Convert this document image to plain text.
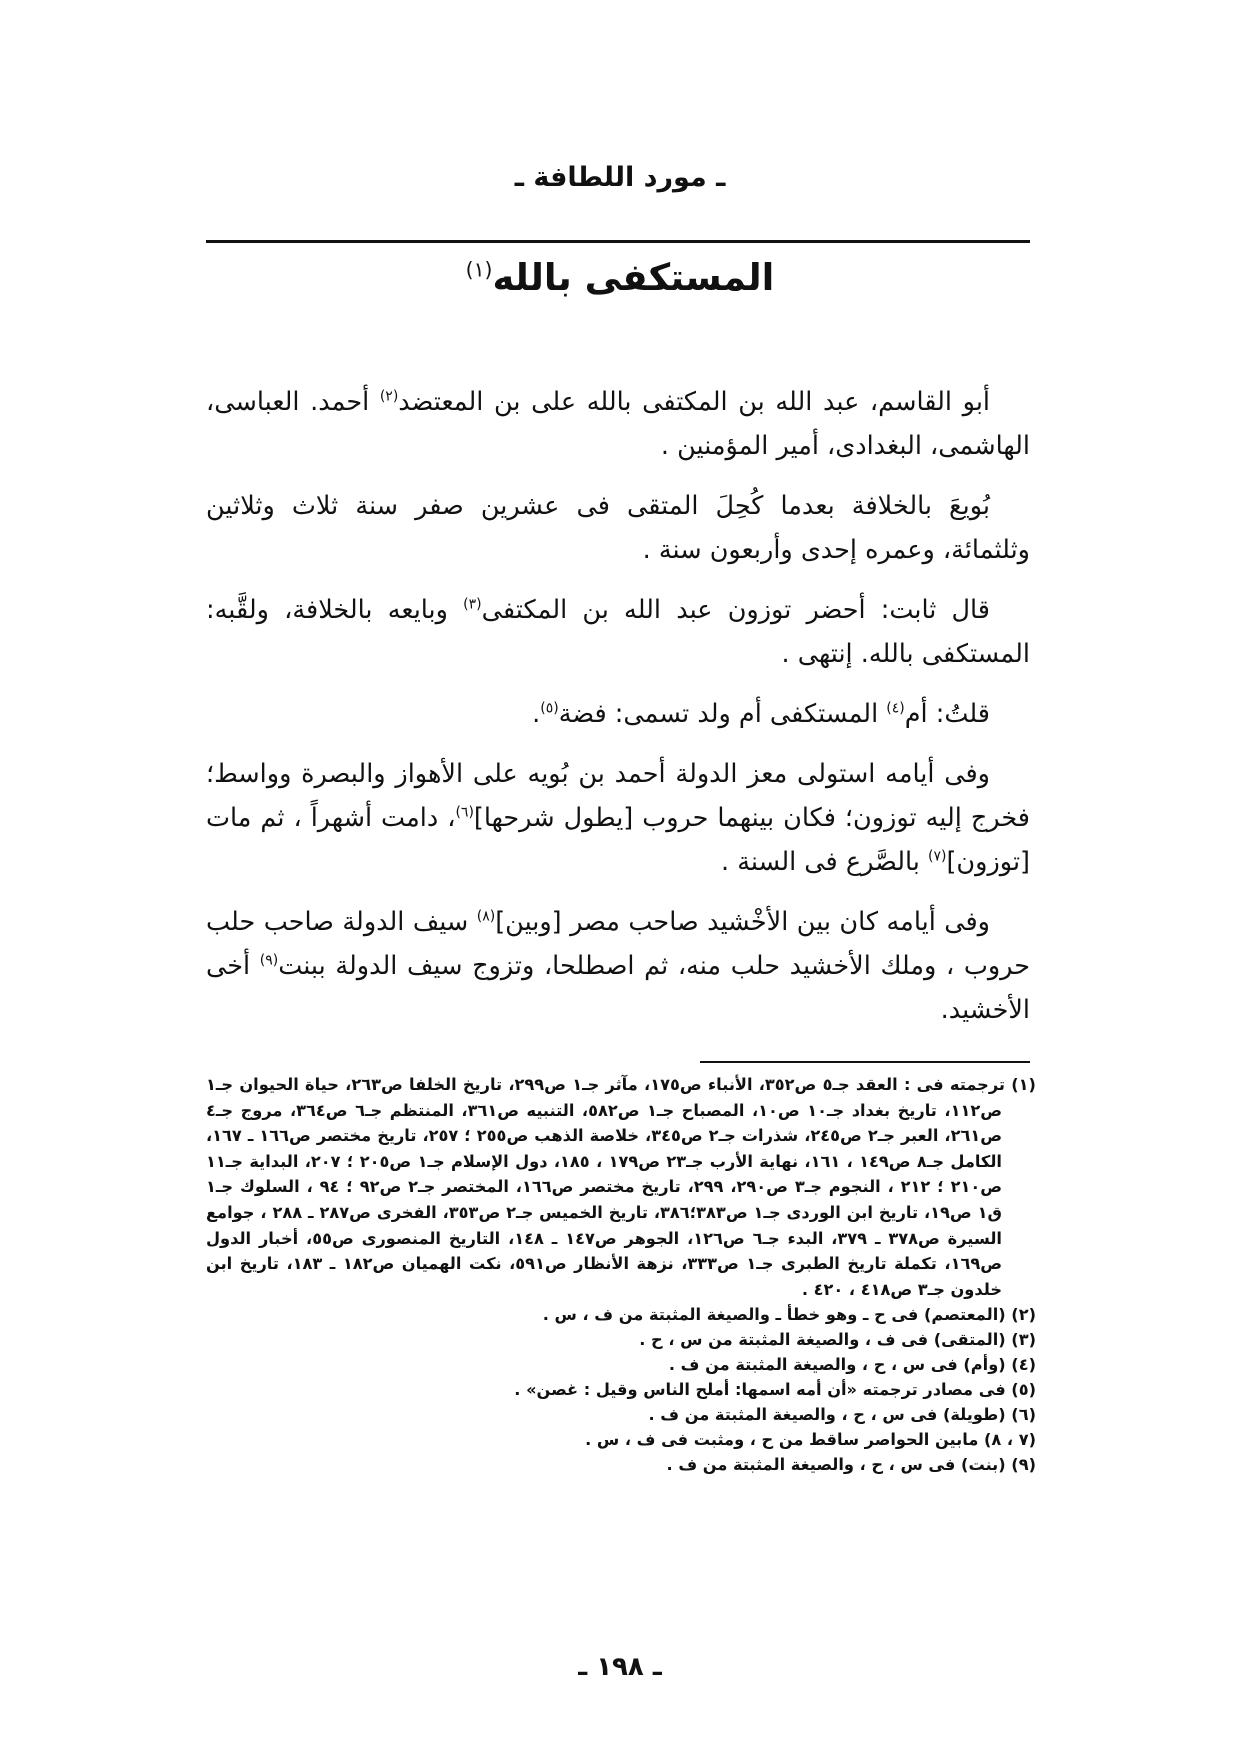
ـ مورد اللطافة ـ
المستكفى بالله$^{(١)}$

أبو القاسم، عبد الله بن المكتفى بالله على بن المعتضد$^{(٢)}$ أحمد. العباسى، الهاشمى، البغدادى، أمير المؤمنين .

بُويعَ بالخلافة بعدما كُحِلَ المتقى فى عشرين صفر سنة ثلاث وثلاثين وثلثمائة، وعمره إحدى وأربعون سنة .

قال ثابت: أحضر توزون عبد الله بن المكتفى$^{(٣)}$ وبايعه بالخلافة، ولقَّبه: المستكفى بالله. إنتهى .

قلتُ: أم$^{(٤)}$ المستكفى أم ولد تسمى: فضة$^{(٥)}$.

وفى أيامه استولى معز الدولة أحمد بن بُويه على الأهواز والبصرة وواسط؛ فخرج إليه توزون؛ فكان بينهما حروب [يطول شرحها]$^{(٦)}$، دامت أشهراً ، ثم مات [توزون]$^{(٧)}$ بالصَّرع فى السنة .

وفى أيامه كان بين الأخْشيد صاحب مصر [وبين]$^{(٨)}$ سيف الدولة صاحب حلب حروب ، وملك الأخشيد حلب منه، ثم اصطلحا، وتزوج سيف الدولة ببنت$^{(٩)}$ أخى الأخشيد.

(١) ترجمته فى : العقد جـ٥ ص٣٥٢، الأنباء ص١٧٥، مآثر جـ١ ص٢٩٩، تاريخ الخلفا ص٢٦٣، حياة الحيوان جـ١ ص١١٢، تاريخ بغداد جـ١٠ ص١٠، المصباح جـ١ ص٥٨٢، التنبيه ص٣٦١، المنتظم جـ٦ ص٣٦٤، مروج جـ٤ ص٢٦١، العبر جـ٢ ص٢٤٥، شذرات جـ٢ ص٣٤٥، خلاصة الذهب ص٢٥٥ ؛ ٢٥٧، تاريخ مختصر ص١٦٦ ـ ١٦٧، الكامل جـ٨ ص١٤٩ ، ١٦١، نهاية الأرب جـ٢٣ ص١٧٩ ، ١٨٥، دول الإسلام جـ١ ص٢٠٥ ؛ ٢٠٧، البداية جـ١١ ص٢١٠ ؛ ٢١٢ ، النجوم جـ٣ ص٢٩٠، ٢٩٩، تاريخ مختصر ص١٦٦، المختصر جـ٢ ص٩٢ ؛ ٩٤ ، السلوك جـ١ ق١ ص١٩، تاريخ ابن الوردى جـ١ ص٣٨٣؛٣٨٦، تاريخ الخميس جـ٢ ص٣٥٣، الفخرى ص٢٨٧ ـ ٢٨٨ ، جوامع السيرة ص٣٧٨ ـ ٣٧٩، البدء جـ٦ ص١٢٦، الجوهر ص١٤٧ ـ ١٤٨، التاريخ المنصورى ص٥٥، أخبار الدول ص١٦٩، تكملة تاريخ الطبرى جـ١ ص٣٣٣، نزهة الأنظار ص٥٩١، نكت الهميان ص١٨٢ ـ ١٨٣، تاريخ ابن خلدون جـ٣ ص٤١٨ ، ٤٢٠ .

(٢) (المعتصم) فى ح ـ وهو خطأ ـ والصيغة المثبتة من ف ، س .

(٣) (المتقى) فى ف ، والصيغة المثبتة من س ، ح .

(٤) (وأم) فى س ، ح ، والصيغة المثبتة من ف .

(٥) فى مصادر ترجمته «أن أمه اسمها: أملح الناس وقيل : غصن» .

(٦) (طويلة) فى س ، ح ، والصيغة المثبتة من ف .

(٧ ، ٨) مابين الحواصر ساقط من ح ، ومثبت فى ف ، س .

(٩) (بنت) فى س ، ح ، والصيغة المثبتة من ف .

ـ ١٩٨ ـ
